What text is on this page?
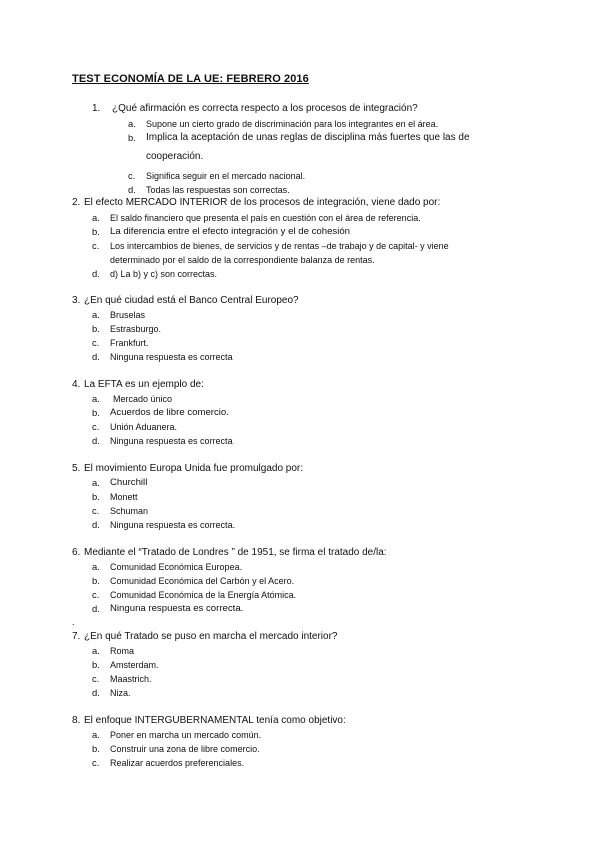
TEST ECONOMÍA DE LA UE: FEBRERO 2016
1. ¿Qué afirmación es correcta respecto a los procesos de integración?
a. Supone un cierto grado de discriminación para los integrantes en el área.
b. Implica la aceptación de unas reglas de disciplina más fuertes que las de
cooperación.
c. Significa seguir en el mercado nacional.
d. Todas las respuestas son correctas.
2. El efecto MERCADO INTERIOR de los procesos de integración, viene dado por:
a. El saldo financiero que presenta el país en cuestión con el área de referencia.
b. La diferencia entre el efecto integración y el de cohesión
c. Los intercambios de bienes, de servicios y de rentas –de trabajo y de capital- y viene
determinado por el saldo de la correspondiente balanza de rentas.
d. d) La b) y c) son correctas.
3. ¿En qué ciudad está el Banco Central Europeo?
a. Bruselas
b. Estrasburgo.
c. Frankfurt.
d. Ninguna respuesta es correcta
4. La EFTA es un ejemplo de:
a. Mercado único
b. Acuerdos de libre comercio.
c. Unión Aduanera.
d. Ninguna respuesta es correcta
5. El movimiento Europa Unida fue promulgado por:
a. Churchill
b. Monett
c. Schuman
d. Ninguna respuesta es correcta.
6. Mediante el “Tratado de Londres ” de 1951, se firma el tratado de/la:
a. Comunidad Económica Europea.
b. Comunidad Económica del Carbón y el Acero.
c. Comunidad Económica de la Energía Atómica.
d. Ninguna respuesta es correcta.
.
7. ¿En qué Tratado se puso en marcha el mercado interior?
a. Roma
b. Amsterdam.
c. Maastrich.
d. Niza.
8. El enfoque INTERGUBERNAMENTAL tenía como objetivo:
a. Poner en marcha un mercado común.
b. Construir una zona de libre comercio.
c. Realizar acuerdos preferenciales.
